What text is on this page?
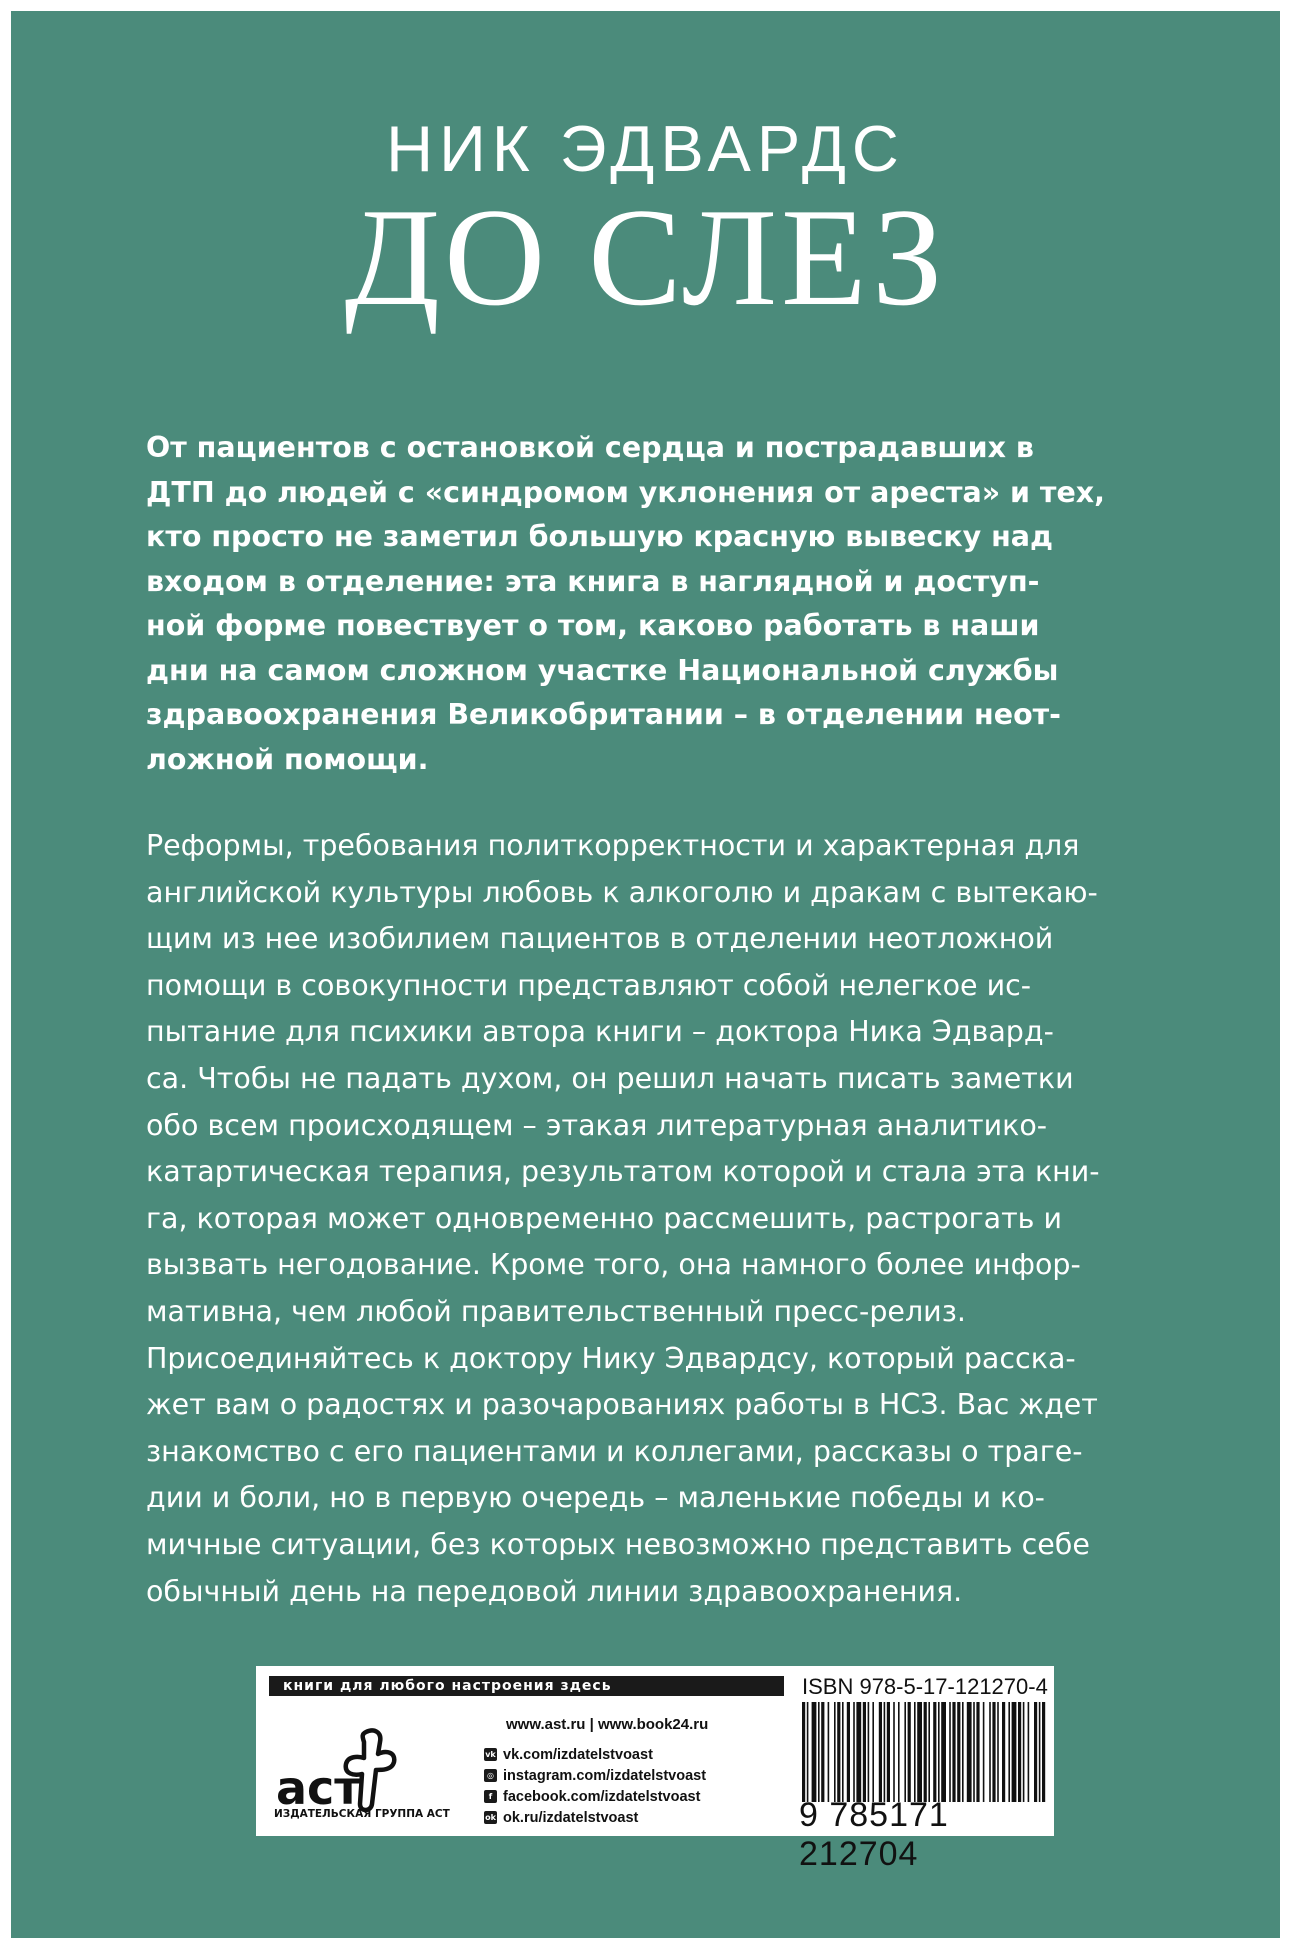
НИК ЭДВАРДС
ДО СЛЕЗ

От пациентов с остановкой сердца и пострадавших в
ДТП до людей с «синдромом уклонения от ареста» и тех,
кто просто не заметил большую красную вывеску над
входом в отделение: эта книга в наглядной и доступ-
ной форме повествует о том, каково работать в наши
дни на самом сложном участке Национальной службы
здравоохранения Великобритании – в отделении неот-
ложной помощи.

Реформы, требования политкорректности и характерная для
английской культуры любовь к алкоголю и дракам с вытекаю-
щим из нее изобилием пациентов в отделении неотложной
помощи в совокупности представляют собой нелегкое ис-
пытание для психики автора книги – доктора Ника Эдвард-
са. Чтобы не падать духом, он решил начать писать заметки
обо всем происходящем – этакая литературная аналитико-
катартическая терапия, результатом которой и стала эта кни-
га, которая может одновременно рассмешить, растрогать и
вызвать негодование. Кроме того, она намного более инфор-
мативна, чем любой правительственный пресс-релиз.
Присоединяйтесь к доктору Нику Эдвардсу, который расска-
жет вам о радостях и разочарованиях работы в НСЗ. Вас ждет
знакомство с его пациентами и коллегами, рассказы о траге-
дии и боли, но в первую очередь – маленькие победы и ко-
мичные ситуации, без которых невозможно представить себе
обычный день на передовой линии здравоохранения.

книги для любого настроения здесь	ISBN 978-5-17-121270-4
аст
ИЗДАТЕЛЬСКАЯ ГРУППА АСТ
www.ast.ru | www.book24.ru
vk vk.com/izdatelstvoast
◎ instagram.com/izdatelstvoast
f facebook.com/izdatelstvoast
ok ok.ru/izdatelstvoast	9 785171 212704
